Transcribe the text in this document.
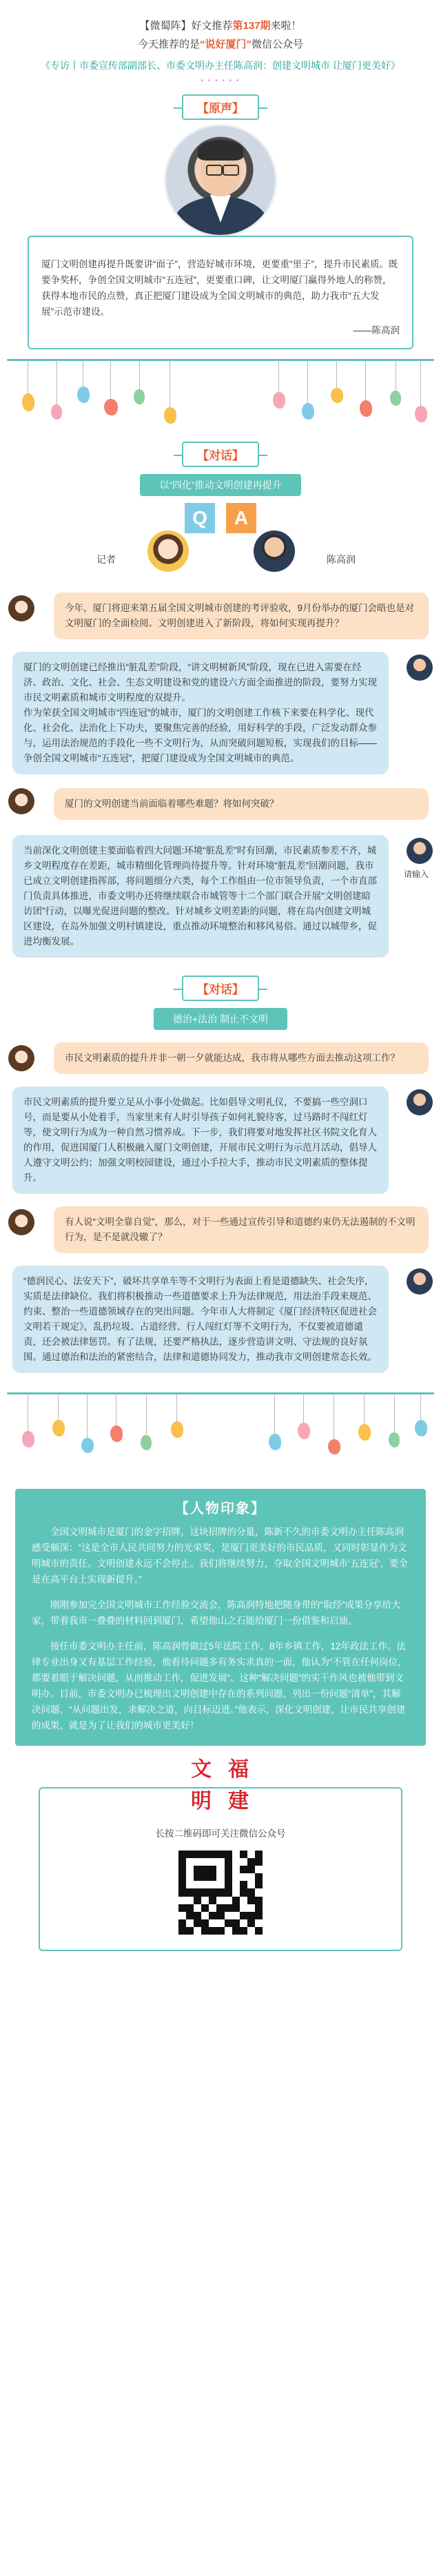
【微蜀阵】好文推荐第137期来啦！
今天推荐的是“说好厦门”微信公众号
《专访丨市委宣传部副部长、市委文明办主任陈高润：创建文明城市 让厦门更美好》
• • • • • •
【原声】
厦门文明创建再提升既要讲“面子”，营造好城市环境，更要重“里子”，提升市民素质。既要争奖杯，争创全国文明城市“五连冠”，更要重口碑，让文明厦门赢得外地人的称赞，获得本地市民的点赞，真正把厦门建设成为全国文明城市的典范，助力我市“五大发展”示范市建设。
——陈高润
【对话】
以“四化”推动文明创建再提升
Q	A
记者	陈高润
今年，厦门将迎来第五届全国文明城市创建的考评验收，9月份举办的厦门会晤也是对文明厦门的全面检阅。文明创建进入了新阶段，将如何实现再提升？
厦门的文明创建已经推出“脏乱差”阶段，“讲文明树新风”阶段，现在已进入需要在经济、政治、文化、社会、生态文明建设和党的建设六方面全面推进的阶段，要努力实现市民文明素质和城市文明程度的双提升。
作为荣获全国文明城市“四连冠”的城市，厦门的文明创建工作核下来要在科学化、现代化、社会化、法治化上下功夫，要聚焦完善的经验，用好科学的手段，广泛发动群众参与，运用法治规范的手段化一些不文明行为，从而突破问题短板，实现我们的目标——争创全国文明城市“五连冠”，把厦门建设成为全国文明城市的典范。
厦门的文明创建当前面临着哪些难题？将如何突破？
请输入
当前深化文明创建主要面临着四大问题:环境“脏乱差”时有回潮，市民素质参差不齐，城乡文明程度存在差距，城市精细化管理尚待提升等。针对环境“脏乱差”回潮问题，我市已成立文明创建指挥部，将问题细分六类，每个工作组由一位市领导负责，一个市直部门负责具体推进，市委文明办还将继续联合市城管等十二个部门联合开展“文明创建暗访团”行动，以曝光促进问题的整改。针对城乡文明差距的问题，将在岛内创建文明城区建设，在岛外加强文明村镇建设，重点推动环境整治和移风易俗。通过以城带乡，促进均衡发展。
【对话】
德治+法治 制止不文明
市民文明素质的提升并非一朝一夕就能达成，我市将从哪些方面去推动这项工作？
市民文明素质的提升要立足从小事小处做起。比如倡导文明礼仪，不要搞一些空洞口号，而是要从小处着手，当家里来有人时引导孩子如何礼貌待客，过马路时不闯红灯等，使文明行为成为一种自然习惯养成。下一步，我们将要对地发挥社区书院文化育人的作用，促进国厦门人积极融入厦门文明创建，开展市民文明行为示范月活动，倡导人人遵守文明公约；加强文明校园建设，通过小手拉大手，推动市民文明素质的整体提升。
有人说“文明全靠自觉”，那么，对于一些通过宣传引导和道德约束仍无法遏制的不文明行为，是不是就没辙了？
“德润民心、法安天下”，破坏共享单车等不文明行为表面上看是道德缺失、社会失序，实质是法律缺位。我们将积极推动一些道德要求上升为法律规范，用法治手段来规范、约束、整治一些道德领域存在的突出问题。今年市人大将制定《厦门经济特区促进社会文明若干规定》，乱扔垃圾、占道经营、行人闯红灯等不文明行为，不仅要被道德谴责，还会被法律惩罚。有了法规，还要严格执法，逐步营造讲文明、守法规的良好氛围。通过德治和法治的紧密结合，法律和道德协同发力，推动我市文明创建常态长效。
【人物印象】

全国文明城市是厦门的金字招牌，这块招牌的分量，陈新不久的市委文明办主任陈高润感受颇深：“这是全市人民共同努力的光荣奖，是厦门更美好的市民品质，又同时彰显作为文明城市的责任。文明创建永远不会停止。我们将继续努力，夺取全国文明城市‘五连冠’，要全是在高平台上实现新提升。”

刚刚参加完全国文明城市工作经验交流会，陈高润特地把随身带的“取经”成果分享给大家，带着我市一叠叠的材料回到厦门，希望他山之石能给厦门一份借鉴和启迪。

接任市委文明办主任前，陈高润曾做过5年法院工作，8年乡镇工作，12年政法工作。法律专业出身又有基层工作经验，他看待问题多有务实求真的一面，他认为“不管在任何岗位，都要着眼于解决问题，从而推动工作，促进发展”。这种“解决问题”的实干作风也被他带到文明办。目前，市委文明办已梳理出文明创建中存在的系列问题，列出一份问题“清单”，其解决问题、“从问题出发，求解决之道，向目标迈进。”他表示，深化文明创建，让市民共享创建的成果，就是为了让我们的城市更美好！

文 福
明 建
长按二维码即可关注微信公众号
